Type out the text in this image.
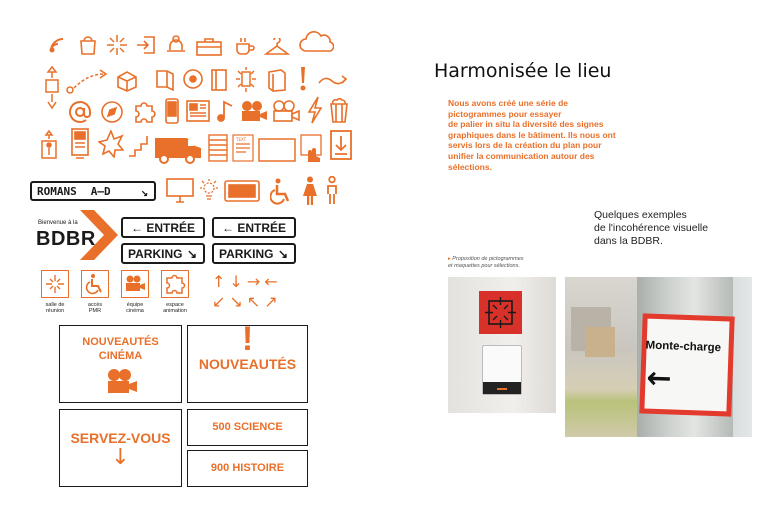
TEXT
ROMANS A–D	↘
Bienvenue à la
BDBR
← ENTRÉE ← ENTRÉE
PARKING ↘ PARKING ↘
salle de
réunion
accès
PMR
équipe
cinéma
espace
animation
↑↓→←
↙↘↖↗
NOUVEAUTÉS
CINÉMA	!
NOUVEAUTÉS
SERVEZ-VOUS
↓
500 SCIENCE
900 HISTOIRE
Harmonisée le lieu
Nous avons créé une série de
pictogrammes pour essayer
de palier in situ la diversité des signes
graphiques dans le bâtiment. Ils nous ont
servis lors de la création du plan pour
unifier la communication autour des
sélections.
Quelques exemples
de l'incohérence visuelle
dans la BDBR.
▸ Proposition de pictogrammes
et maquettes pour sélections.
Monte-charge
←
